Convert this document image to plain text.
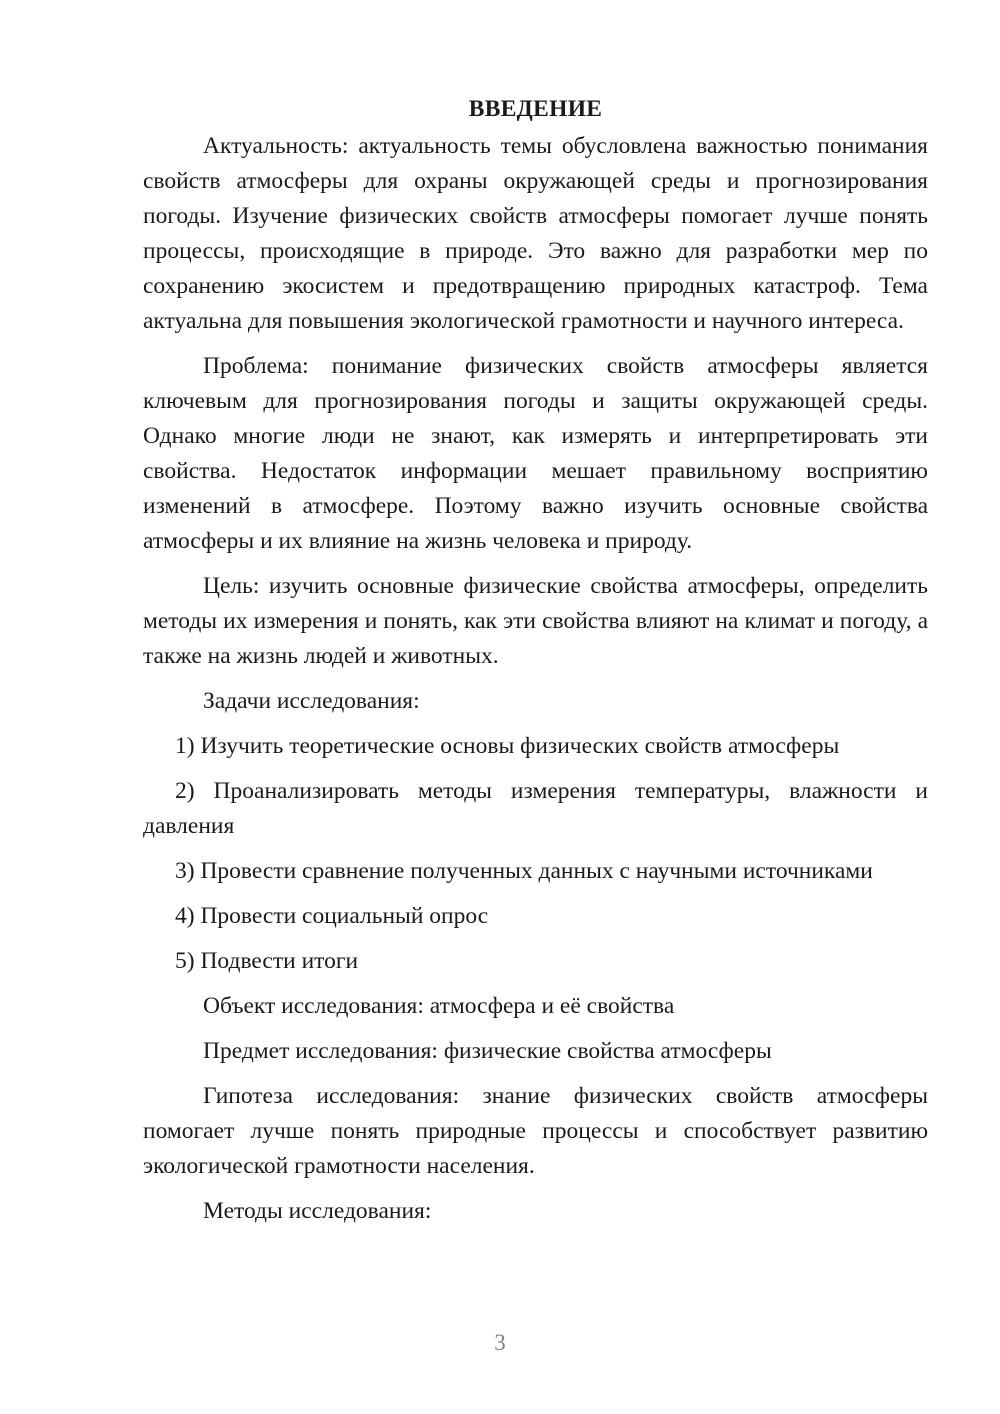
ВВЕДЕНИЕ

Актуальность: актуальность темы обусловлена важностью понимания свойств атмосферы для охраны окружающей среды и прогнозирования погоды. Изучение физических свойств атмосферы помогает лучше понять процессы, происходящие в природе. Это важно для разработки мер по сохранению экосистем и предотвращению природных катастроф. Тема актуальна для повышения экологической грамотности и научного интереса.

Проблема: понимание физических свойств атмосферы является ключевым для прогнозирования погоды и защиты окружающей среды. Однако многие люди не знают, как измерять и интерпретировать эти свойства. Недостаток информации мешает правильному восприятию изменений в атмосфере. Поэтому важно изучить основные свойства атмосферы и их влияние на жизнь человека и природу.

Цель: изучить основные физические свойства атмосферы, определить методы их измерения и понять, как эти свойства влияют на климат и погоду, а также на жизнь людей и животных.

Задачи исследования:

1) Изучить теоретические основы физических свойств атмосферы

2) Проанализировать методы измерения температуры, влажности и давления

3) Провести сравнение полученных данных с научными источниками

4) Провести социальный опрос

5) Подвести итоги

Объект исследования: атмосфера и её свойства

Предмет исследования: физические свойства атмосферы

Гипотеза исследования: знание физических свойств атмосферы помогает лучше понять природные процессы и способствует развитию экологической грамотности населения.

Методы исследования:

3
